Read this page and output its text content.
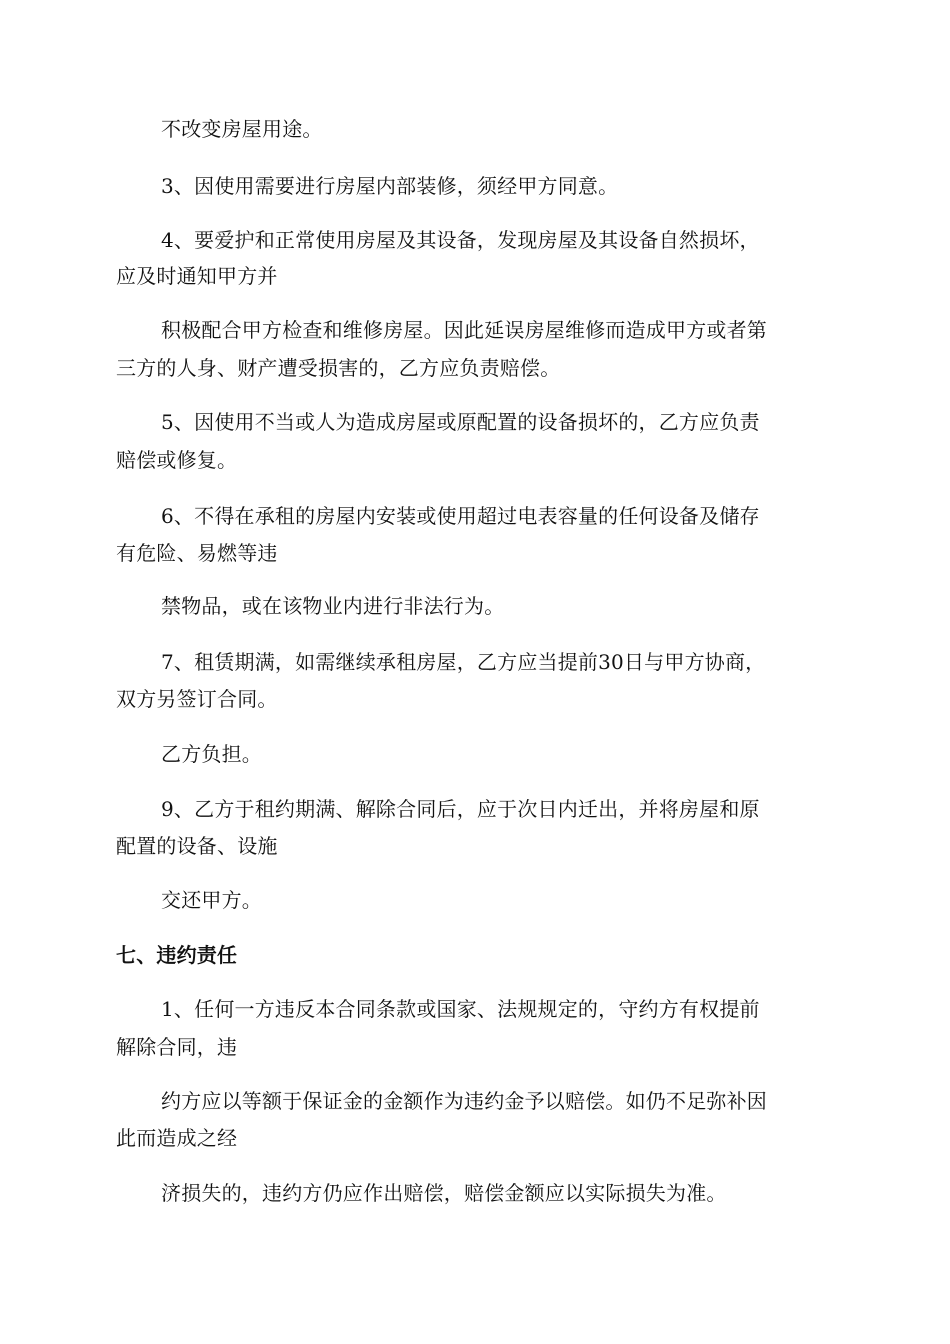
不改变房屋用途。
3、因使用需要进行房屋内部装修，须经甲方同意。
4、要爱护和正常使用房屋及其设备，发现房屋及其设备自然损坏，
应及时通知甲方并
积极配合甲方检查和维修房屋。因此延误房屋维修而造成甲方或者第
三方的人身、财产遭受损害的，乙方应负责赔偿。
5、因使用不当或人为造成房屋或原配置的设备损坏的，乙方应负责
赔偿或修复。
6、不得在承租的房屋内安装或使用超过电表容量的任何设备及储存
有危险、易燃等违
禁物品，或在该物业内进行非法行为。
7、租赁期满，如需继续承租房屋，乙方应当提前30日与甲方协商，
双方另签订合同。
乙方负担。
9、乙方于租约期满、解除合同后，应于次日内迁出，并将房屋和原
配置的设备、设施
交还甲方。
七、违约责任
1、任何一方违反本合同条款或国家、法规规定的，守约方有权提前
解除合同，违
约方应以等额于保证金的金额作为违约金予以赔偿。如仍不足弥补因
此而造成之经
济损失的，违约方仍应作出赔偿，赔偿金额应以实际损失为准。
